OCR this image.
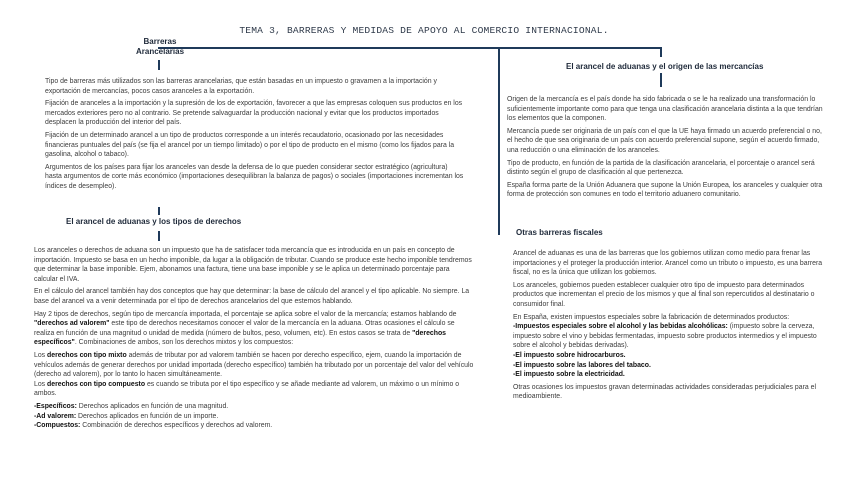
TEMA 3, BARRERAS Y MEDIDAS DE APOYO AL COMERCIO INTERNACIONAL.
Barreras
Arancelarias
Tipo de barreras más utilizados son las barreras arancelarias, que están basadas en un impuesto o gravamen a la importación y exportación de mercancías, pocos casos aranceles a la exportación.
Fijación de aranceles a la importación y la supresión de los de exportación, favorecer a que las empresas coloquen sus productos en los mercados exteriores pero no al contrario. Se pretende salvaguardar la producción nacional y evitar que los productos importados desplacen la producción del interior del país.
Fijación de un determinado arancel a un tipo de productos corresponde a un interés recaudatorio, ocasionado por las necesidades financieras puntuales del país (se fija el arancel por un tiempo limitado) o por el tipo de producto en el mismo (como los fijados para la gasolina, alcohol o tabaco).
Argumentos de los países para fijar los aranceles van desde la defensa de lo que pueden considerar sector estratégico (agricultura) hasta argumentos de corte más económico (importaciones desequilibran la balanza de pagos) o sociales (importaciones incrementan los índices de desempleo).
El arancel de aduanas y los tipos de derechos
Los aranceles o derechos de aduana son un impuesto que ha de satisfacer toda mercancía que es introducida en un país en concepto de importación. Impuesto se basa en un hecho imponible, da lugar a la obligación de tributar. Cuando se produce este hecho imponible tendremos que determinar la base imponible. Ejem, abonamos una factura, tiene una base imponible y se le aplica un determinado porcentaje para calcular el IVA.
En el cálculo del arancel también hay dos conceptos que hay que determinar: la base de cálculo del arancel y el tipo aplicable. No siempre. La base del arancel va a venir determinada por el tipo de derechos arancelarios del que estemos hablando.
Hay 2 tipos de derechos, según tipo de mercancía importada, el porcentaje se aplica sobre el valor de la mercancía; estamos hablando de "derechos ad valorem" este tipo de derechos necesitamos conocer el valor de la mercancía en la aduana. Otras ocasiones el cálculo se realiza en función de una magnitud o unidad de medida (número de bultos, peso, volumen, etc). En estos casos se trata de "derechos específicos". Combinaciones de ambos, son los derechos mixtos y los compuestos:
Los derechos con tipo mixto además de tributar por ad valorem también se hacen por derecho específico, ejem, cuando la importación de vehículos además de generar derechos por unidad importada (derecho específico) también ha tributado por un porcentaje del valor del vehículo (derecho ad valorem), por lo tanto lo hacen simultáneamente.
Los derechos con tipo compuesto es cuando se tributa por el tipo específico y se añade mediante ad valorem, un máximo o un mínimo o ambos.
-Específicos: Derechos aplicados en función de una magnitud.
-Ad valorem: Derechos aplicados en función de un importe.
-Compuestos: Combinación de derechos específicos y derechos ad valorem.
El arancel de aduanas y el origen de las mercancías
Origen de la mercancía es el país donde ha sido fabricada o se le ha realizado una transformación lo suficientemente importante como para que tenga una clasificación arancelaria distinta a la que tendrían los elementos que la componen.
Mercancía puede ser originaria de un país con el que la UE haya firmado un acuerdo preferencial o no, el hecho de que sea originaria de un país con acuerdo preferencial supone, según el acuerdo firmado, una reducción o una eliminación de los aranceles.
Tipo de producto, en función de la partida de la clasificación arancelaria, el porcentaje o arancel será distinto según el grupo de clasificación al que pertenezca.
España forma parte de la Unión Aduanera que supone la Unión Europea, los aranceles y cualquier otra forma de protección son comunes en todo el territorio aduanero comunitario.
Otras barreras fiscales
Arancel de aduanas es una de las barreras que los gobiernos utilizan como medio para frenar las importaciones y el proteger la producción interior. Arancel como un tributo o impuesto, es una barrera fiscal, no es la única que utilizan los gobiernos.
Los aranceles, gobiernos pueden establecer cualquier otro tipo de impuesto para determinados productos que incrementan el precio de los mismos y que al final son repercutidos al destinatario o consumidor final.
En España, existen impuestos especiales sobre la fabricación de determinados productos:
-Impuestos especiales sobre el alcohol y las bebidas alcohólicas: (impuesto sobre la cerveza, impuesto sobre el vino y bebidas fermentadas, impuesto sobre productos intermedios y el impuesto sobre el alcohol y bebidas derivadas).
-El impuesto sobre hidrocarburos.
-El impuesto sobre las labores del tabaco.
-El impuesto sobre la electricidad.
Otras ocasiones los impuestos gravan determinadas actividades consideradas perjudiciales para el medioambiente.
